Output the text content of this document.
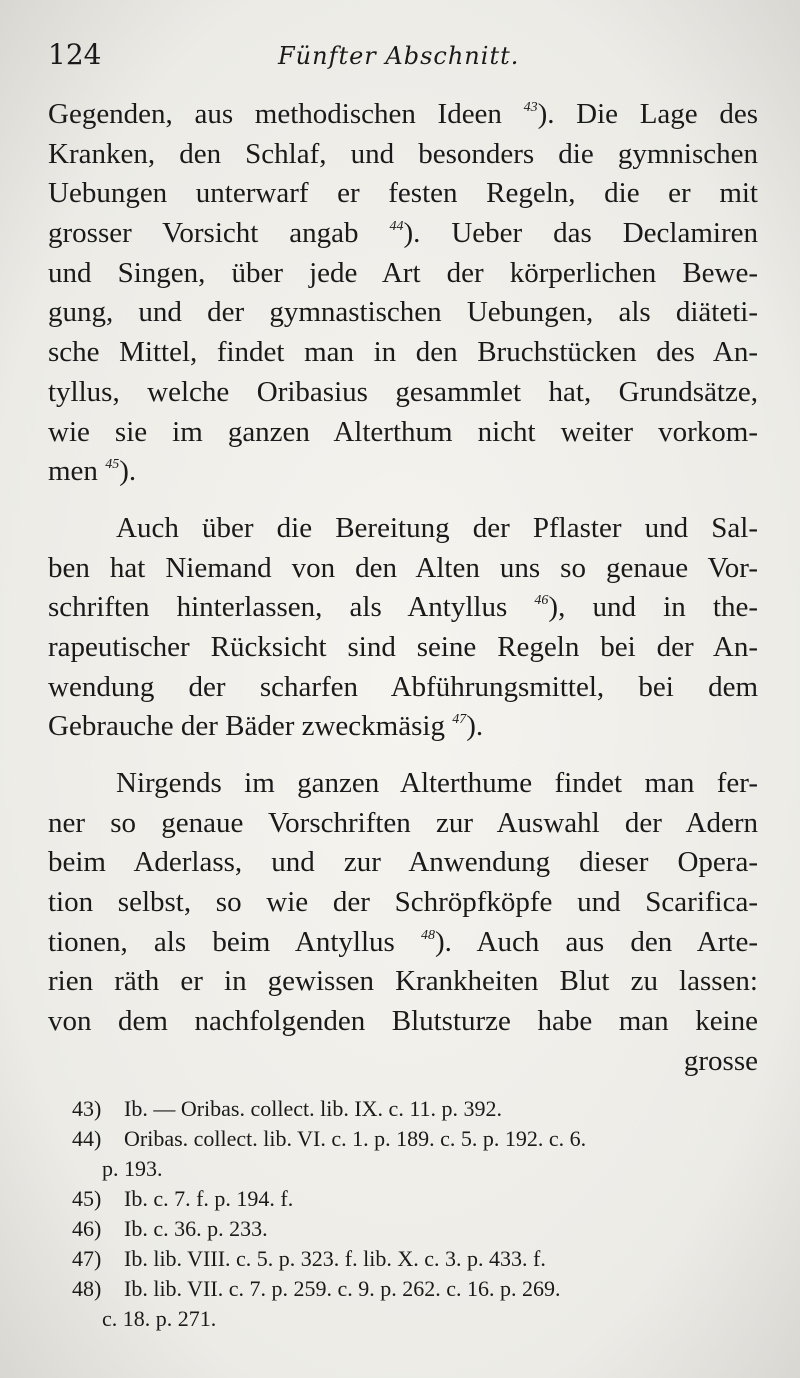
124	Fünfter Abschnitt.
Gegenden, aus methodischen Ideen $^{43}$). Die Lage des
Kranken, den Schlaf, und besonders die gymnischen
Uebungen unterwarf er festen Regeln, die er mit
grosser Vorsicht angab $^{44}$). Ueber das Declamiren
und Singen, über jede Art der körperlichen Bewe-
gung, und der gymnastischen Uebungen, als diäteti-
sche Mittel, findet man in den Bruchstücken des An-
tyllus, welche Oribasius gesammlet hat, Grundsätze,
wie sie im ganzen Alterthum nicht weiter vorkom-
men $^{45}$).
Auch über die Bereitung der Pflaster und Sal-
ben hat Niemand von den Alten uns so genaue Vor-
schriften hinterlassen, als Antyllus $^{46}$), und in the-
rapeutischer Rücksicht sind seine Regeln bei der An-
wendung der scharfen Abführungsmittel, bei dem
Gebrauche der Bäder zweckmäsig $^{47}$).
Nirgends im ganzen Alterthume findet man fer-
ner so genaue Vorschriften zur Auswahl der Adern
beim Aderlass, und zur Anwendung dieser Opera-
tion selbst, so wie der Schröpfköpfe und Scarifica-
tionen, als beim Antyllus $^{48}$). Auch aus den Arte-
rien räth er in gewissen Krankheiten Blut zu lassen:
von dem nachfolgenden Blutsturze habe man keine
grosse
43) Ib. — Oribas. collect. lib. IX. c. 11. p. 392.
44) Oribas. collect. lib. VI. c. 1. p. 189. c. 5. p. 192. c. 6.
p. 193.
45) Ib. c. 7. f. p. 194. f.
46) Ib. c. 36. p. 233.
47) Ib. lib. VIII. c. 5. p. 323. f. lib. X. c. 3. p. 433. f.
48) Ib. lib. VII. c. 7. p. 259. c. 9. p. 262. c. 16. p. 269.
c. 18. p. 271.
